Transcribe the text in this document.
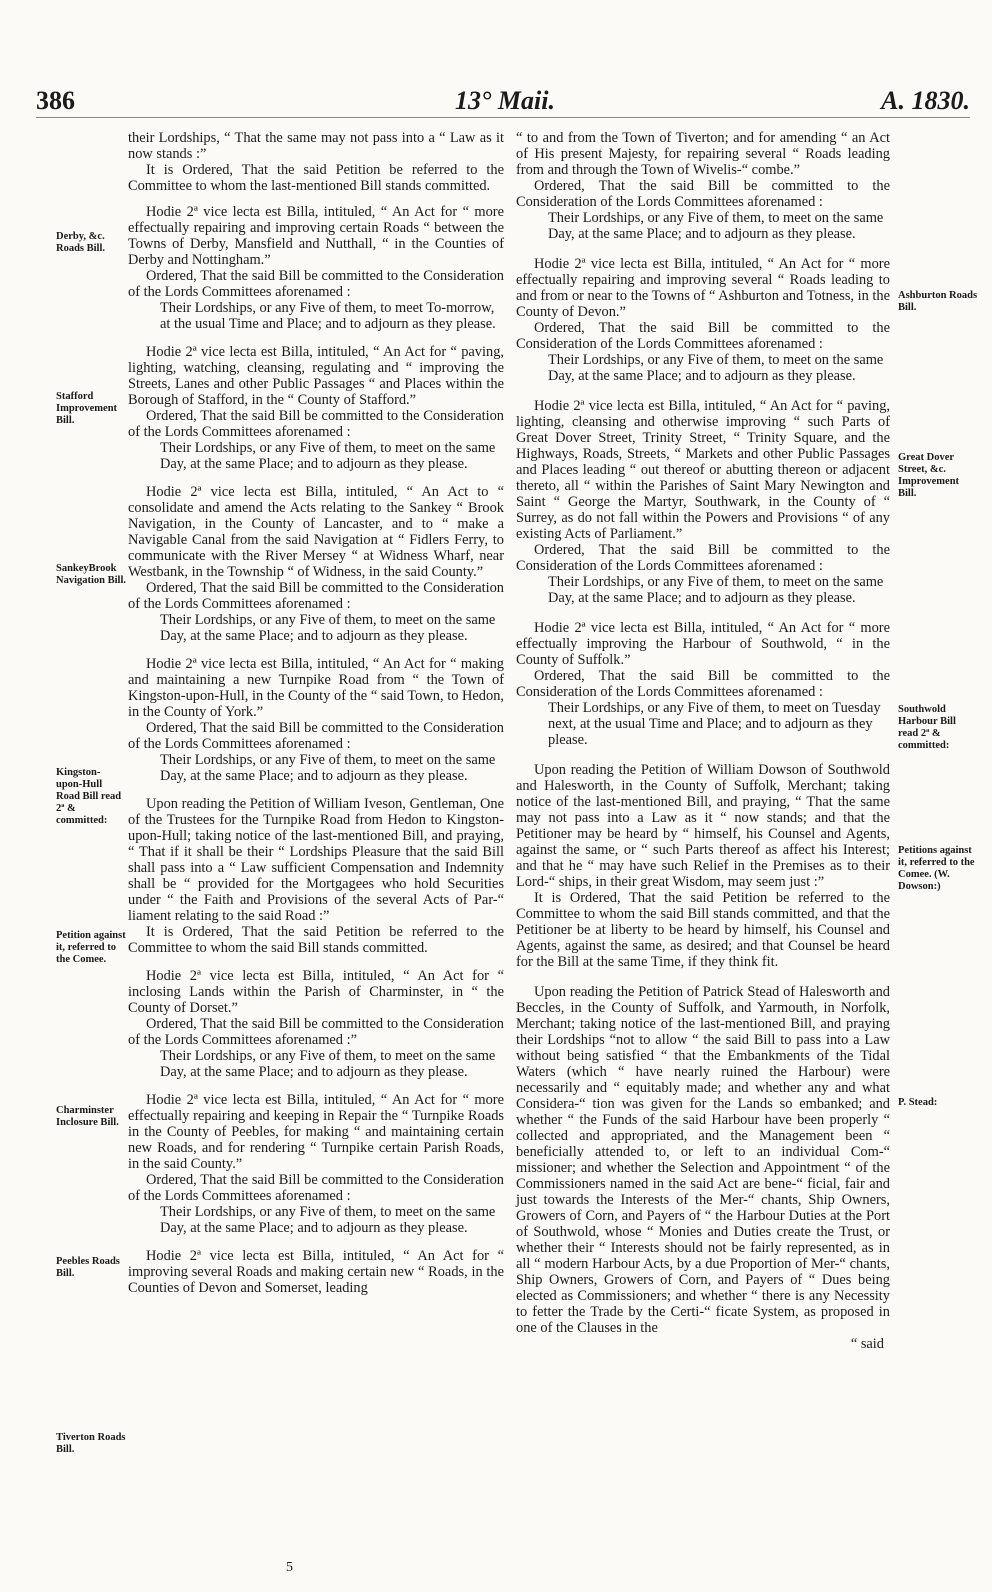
386	13° Maii.	A. 1830.
Derby, &c. Roads Bill.
Stafford Improvement Bill.
SankeyBrook Navigation Bill.
Kingston-upon-Hull Road Bill read 2ª & committed:
Petition against it, referred to the Comee.
Charminster Inclosure Bill.
Peebles Roads Bill.
Tiverton Roads Bill.
Ashburton Roads Bill.
Great Dover Street, &c. Improvement Bill.
Southwold Harbour Bill read 2ª & committed:
Petitions against it, referred to the Comee. (W. Dowson:)
P. Stead:

their Lordships, “ That the same may not pass into a “ Law as it now stands :”

It is Ordered, That the said Petition be referred to the Committee to whom the last-mentioned Bill stands committed.

Hodie 2ª vice lecta est Billa, intituled, “ An Act for “ more effectually repairing and improving certain Roads “ between the Towns of Derby, Mansfield and Nutthall, “ in the Counties of Derby and Nottingham.”

Ordered, That the said Bill be committed to the Consideration of the Lords Committees aforenamed :

Their Lordships, or any Five of them, to meet To-morrow, at the usual Time and Place; and to adjourn as they please.

Hodie 2ª vice lecta est Billa, intituled, “ An Act for “ paving, lighting, watching, cleansing, regulating and “ improving the Streets, Lanes and other Public Passages “ and Places within the Borough of Stafford, in the “ County of Stafford.”

Ordered, That the said Bill be committed to the Consideration of the Lords Committees aforenamed :

Their Lordships, or any Five of them, to meet on the same Day, at the same Place; and to adjourn as they please.

Hodie 2ª vice lecta est Billa, intituled, “ An Act to “ consolidate and amend the Acts relating to the Sankey “ Brook Navigation, in the County of Lancaster, and to “ make a Navigable Canal from the said Navigation at “ Fidlers Ferry, to communicate with the River Mersey “ at Widness Wharf, near Westbank, in the Township “ of Widness, in the said County.”

Ordered, That the said Bill be committed to the Consideration of the Lords Committees aforenamed :

Their Lordships, or any Five of them, to meet on the same Day, at the same Place; and to adjourn as they please.

Hodie 2ª vice lecta est Billa, intituled, “ An Act for “ making and maintaining a new Turnpike Road from “ the Town of Kingston-upon-Hull, in the County of the “ said Town, to Hedon, in the County of York.”

Ordered, That the said Bill be committed to the Consideration of the Lords Committees aforenamed :

Their Lordships, or any Five of them, to meet on the same Day, at the same Place; and to adjourn as they please.

Upon reading the Petition of William Iveson, Gentleman, One of the Trustees for the Turnpike Road from Hedon to Kingston-upon-Hull; taking notice of the last-mentioned Bill, and praying, “ That if it shall be their “ Lordships Pleasure that the said Bill shall pass into a “ Law sufficient Compensation and Indemnity shall be “ provided for the Mortgagees who hold Securities under “ the Faith and Provisions of the several Acts of Par-“ liament relating to the said Road :”

It is Ordered, That the said Petition be referred to the Committee to whom the said Bill stands committed.

Hodie 2ª vice lecta est Billa, intituled, “ An Act for “ inclosing Lands within the Parish of Charminster, in “ the County of Dorset.”

Ordered, That the said Bill be committed to the Consideration of the Lords Committees aforenamed :”

Their Lordships, or any Five of them, to meet on the same Day, at the same Place; and to adjourn as they please.

Hodie 2ª vice lecta est Billa, intituled, “ An Act for “ more effectually repairing and keeping in Repair the “ Turnpike Roads in the County of Peebles, for making “ and maintaining certain new Roads, and for rendering “ Turnpike certain Parish Roads, in the said County.”

Ordered, That the said Bill be committed to the Consideration of the Lords Committees aforenamed :

Their Lordships, or any Five of them, to meet on the same Day, at the same Place; and to adjourn as they please.

Hodie 2ª vice lecta est Billa, intituled, “ An Act for “ improving several Roads and making certain new “ Roads, in the Counties of Devon and Somerset, leading

“ to and from the Town of Tiverton; and for amending “ an Act of His present Majesty, for repairing several “ Roads leading from and through the Town of Wivelis-“ combe.”

Ordered, That the said Bill be committed to the Consideration of the Lords Committees aforenamed :

Their Lordships, or any Five of them, to meet on the same Day, at the same Place; and to adjourn as they please.

Hodie 2ª vice lecta est Billa, intituled, “ An Act for “ more effectually repairing and improving several “ Roads leading to and from or near to the Towns of “ Ashburton and Totness, in the County of Devon.”

Ordered, That the said Bill be committed to the Consideration of the Lords Committees aforenamed :

Their Lordships, or any Five of them, to meet on the same Day, at the same Place; and to adjourn as they please.

Hodie 2ª vice lecta est Billa, intituled, “ An Act for “ paving, lighting, cleansing and otherwise improving “ such Parts of Great Dover Street, Trinity Street, “ Trinity Square, and the Highways, Roads, Streets, “ Markets and other Public Passages and Places leading “ out thereof or abutting thereon or adjacent thereto, all “ within the Parishes of Saint Mary Newington and Saint “ George the Martyr, Southwark, in the County of “ Surrey, as do not fall within the Powers and Provisions “ of any existing Acts of Parliament.”

Ordered, That the said Bill be committed to the Consideration of the Lords Committees aforenamed :

Their Lordships, or any Five of them, to meet on the same Day, at the same Place; and to adjourn as they please.

Hodie 2ª vice lecta est Billa, intituled, “ An Act for “ more effectually improving the Harbour of Southwold, “ in the County of Suffolk.”

Ordered, That the said Bill be committed to the Consideration of the Lords Committees aforenamed :

Their Lordships, or any Five of them, to meet on Tuesday next, at the usual Time and Place; and to adjourn as they please.

Upon reading the Petition of William Dowson of Southwold and Halesworth, in the County of Suffolk, Merchant; taking notice of the last-mentioned Bill, and praying, “ That the same may not pass into a Law as it “ now stands; and that the Petitioner may be heard by “ himself, his Counsel and Agents, against the same, or “ such Parts thereof as affect his Interest; and that he “ may have such Relief in the Premises as to their Lord-“ ships, in their great Wisdom, may seem just :”

It is Ordered, That the said Petition be referred to the Committee to whom the said Bill stands committed, and that the Petitioner be at liberty to be heard by himself, his Counsel and Agents, against the same, as desired; and that Counsel be heard for the Bill at the same Time, if they think fit.

Upon reading the Petition of Patrick Stead of Halesworth and Beccles, in the County of Suffolk, and Yarmouth, in Norfolk, Merchant; taking notice of the last-mentioned Bill, and praying their Lordships “not to allow “ the said Bill to pass into a Law without being satisfied “ that the Embankments of the Tidal Waters (which “ have nearly ruined the Harbour) were necessarily and “ equitably made; and whether any and what Considera-“ tion was given for the Lands so embanked; and whether “ the Funds of the said Harbour have been properly “ collected and appropriated, and the Management been “ beneficially attended to, or left to an individual Com-“ missioner; and whether the Selection and Appointment “ of the Commissioners named in the said Act are bene-“ ficial, fair and just towards the Interests of the Mer-“ chants, Ship Owners, Growers of Corn, and Payers of “ the Harbour Duties at the Port of Southwold, whose “ Monies and Duties create the Trust, or whether their “ Interests should not be fairly represented, as in all “ modern Harbour Acts, by a due Proportion of Mer-“ chants, Ship Owners, Growers of Corn, and Payers of “ Dues being elected as Commissioners; and whether “ there is any Necessity to fetter the Trade by the Certi-“ ficate System, as proposed in one of the Clauses in the

“ said

5
